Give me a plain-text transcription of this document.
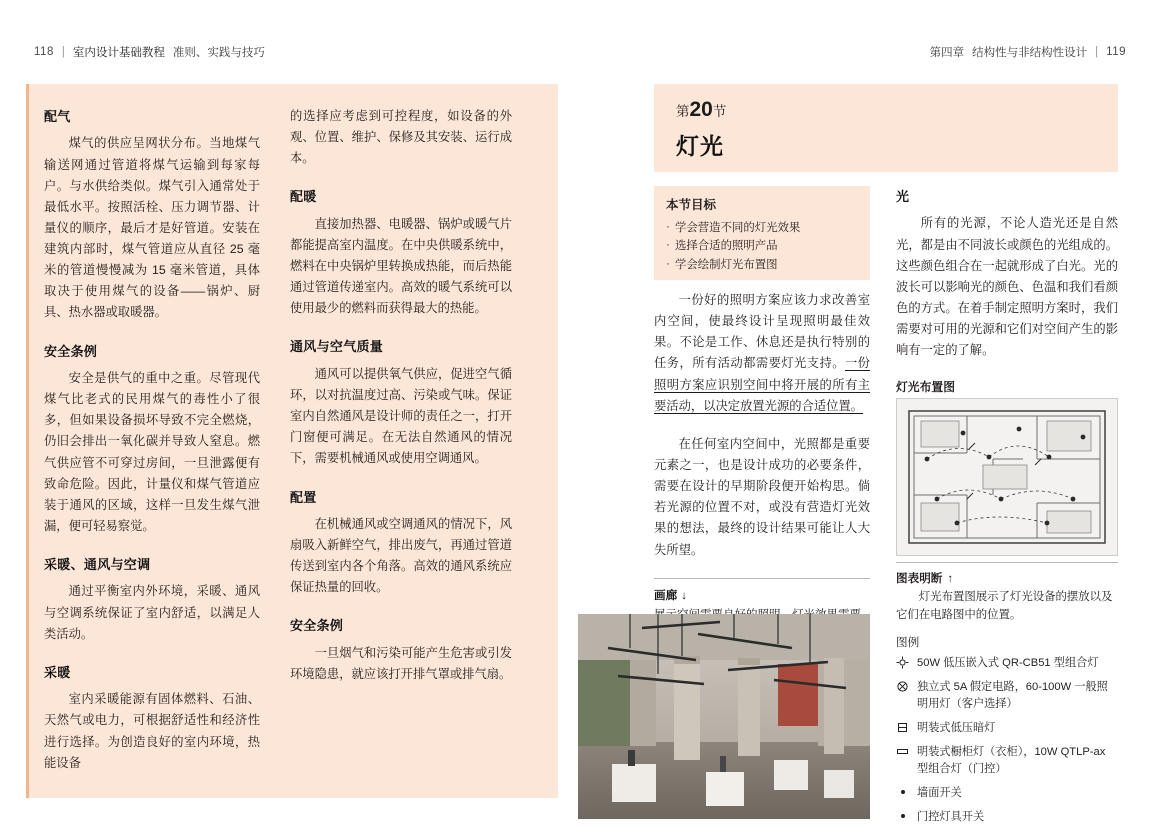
118 | 室内设计基础教程 准则、实践与技巧	第四章 结构性与非结构性设计 | 119
配气

煤气的供应呈网状分布。当地煤气输送网通过管道将煤气运输到每家每户。与水供给类似。煤气引入通常处于最低水平。按照活栓、压力调节器、计量仪的顺序，最后才是好管道。安装在建筑内部时，煤气管道应从直径 25 毫米的管道慢慢减为 15 毫米管道，具体取决于使用煤气的设备——锅炉、厨具、热水器或取暖器。

安全条例

安全是供气的重中之重。尽管现代煤气比老式的民用煤气的毒性小了很多，但如果设备损坏导致不完全燃烧，仍旧会排出一氧化碳并导致人窒息。燃气供应管不可穿过房间，一旦泄露便有致命危险。因此，计量仪和煤气管道应装于通风的区域，这样一旦发生煤气泄漏，便可轻易察觉。

采暖、通风与空调

通过平衡室内外环境，采暖、通风与空调系统保证了室内舒适，以满足人类活动。

采暖

室内采暖能源有固体燃料、石油、天然气或电力，可根据舒适性和经济性进行选择。为创造良好的室内环境，热能设备

的选择应考虑到可控程度，如设备的外观、位置、维护、保修及其安装、运行成本。

配暖

直接加热器、电暖器、锅炉或暖气片都能提高室内温度。在中央供暖系统中，燃料在中央锅炉里转换成热能，而后热能通过管道传递室内。高效的暖气系统可以使用最少的燃料而获得最大的热能。

通风与空气质量

通风可以提供氧气供应，促进空气循环，以对抗温度过高、污染或气味。保证室内自然通风是设计师的责任之一，打开门窗便可满足。在无法自然通风的情况下，需要机械通风或使用空调通风。

配置

在机械通风或空调通风的情况下，风扇吸入新鲜空气，排出废气，再通过管道传送到室内各个角落。高效的通风系统应保证热量的回收。

安全条例

一旦烟气和污染可能产生危害或引发环境隐患，就应该打开排气罩或排气扇。

第20节
灯光
本节目标
· 学会营造不同的灯光效果
· 选择合适的照明产品
· 学会绘制灯光布置图

一份好的照明方案应该力求改善室内空间，使最终设计呈现照明最佳效果。不论是工作、休息还是执行特别的任务，所有活动都需要灯光支持。一份照明方案应识别空间中将开展的所有主要活动，以决定放置光源的合适位置。

在任何室内空间中，光照都是重要元素之一，也是设计成功的必要条件，需要在设计的早期阶段便开始构思。倘若光源的位置不对，或没有营造灯光效果的想法，最终的设计结果可能让人大失所望。

画廊 ↓

光

所有的光源，不论人造光还是自然光，都是由不同波长或颜色的光组成的。这些颜色组合在一起就形成了白光。光的波长可以影响光的颜色、色温和我们看颜色的方式。在着手制定照明方案时，我们需要对可用的光源和它们对空间产生的影响有一定的了解。

灯光布置图

图表明断 ↑

灯光布置图展示了灯光设备的摆放以及它们在电路图中的位置。

图例

50W 低压嵌入式 QR-CB51 型组合灯
独立式 5A 假定电路，60-100W 一般照明用灯（客户选择）
明装式低压暗灯
明装式橱柜灯（衣柜），10W QTLP-ax 型组合灯（门控）
墙面开关
门控灯具开关
